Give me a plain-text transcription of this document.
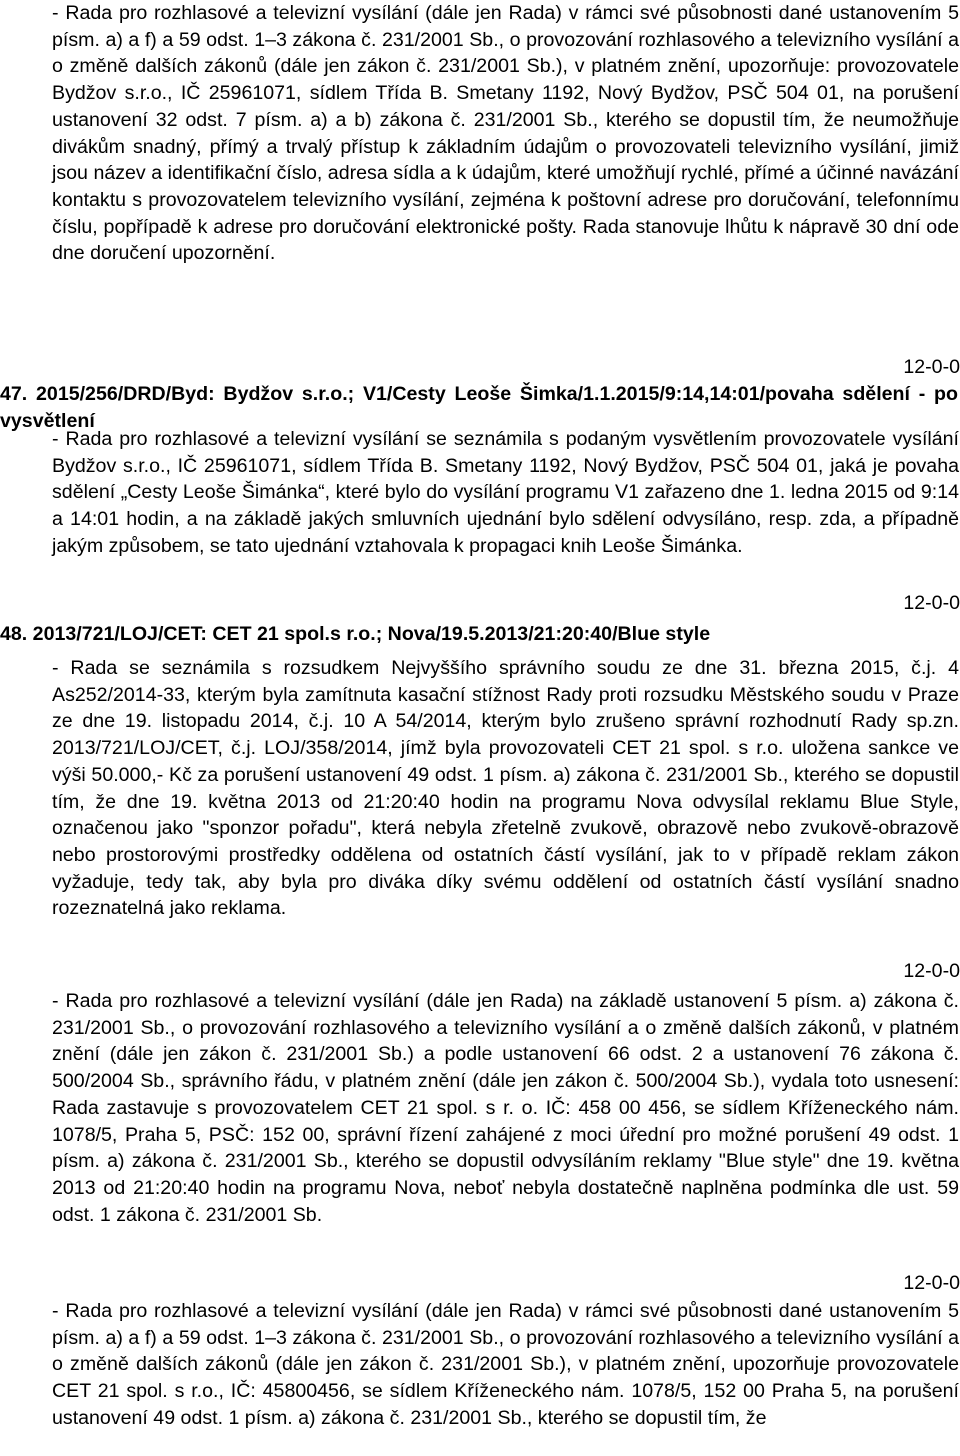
- Rada pro rozhlasové a televizní vysílání (dále jen Rada) v rámci své působnosti dané ustanovením 5 písm. a) a f) a 59 odst. 1–3 zákona č. 231/2001 Sb., o provozování rozhlasového a televizního vysílání a o změně dalších zákonů (dále jen zákon č. 231/2001 Sb.), v platném znění, upozorňuje: provozovatele Bydžov s.r.o., IČ 25961071, sídlem Třída B. Smetany 1192, Nový Bydžov, PSČ 504 01, na porušení ustanovení 32 odst. 7 písm. a) a b) zákona č. 231/2001 Sb., kterého se dopustil tím, že neumožňuje divákům snadný, přímý a trvalý přístup k základním údajům o provozovateli televizního vysílání, jimiž jsou název a identifikační číslo, adresa sídla a k údajům, které umožňují rychlé, přímé a účinné navázání kontaktu s provozovatelem televizního vysílání, zejména k poštovní adrese pro doručování, telefonnímu číslu, popřípadě k adrese pro doručování elektronické pošty. Rada stanovuje lhůtu k nápravě 30 dní ode dne doručení upozornění.

12-0-0

47. 2015/256/DRD/Byd: Bydžov s.r.o.; V1/Cesty Leoše Šimka/1.1.2015/9:14,14:01/povaha sdělení - po vysvětlení

- Rada pro rozhlasové a televizní vysílání se seznámila s podaným vysvětlením provozovatele vysílání Bydžov s.r.o., IČ 25961071, sídlem Třída B. Smetany 1192, Nový Bydžov, PSČ 504 01, jaká je povaha sdělení „Cesty Leoše Šimánka“, které bylo do vysílání programu V1 zařazeno dne 1. ledna 2015 od 9:14 a 14:01 hodin, a na základě jakých smluvních ujednání bylo sdělení odvysíláno, resp. zda, a případně jakým způsobem, se tato ujednání vztahovala k propagaci knih Leoše Šimánka.

12-0-0

48. 2013/721/LOJ/CET: CET 21 spol.s r.o.; Nova/19.5.2013/21:20:40/Blue style

- Rada se seznámila s rozsudkem Nejvyššího správního soudu ze dne 31. března 2015, č.j. 4 As252/2014-33, kterým byla zamítnuta kasační stížnost Rady proti rozsudku Městského soudu v Praze ze dne 19. listopadu 2014, č.j. 10 A 54/2014, kterým bylo zrušeno správní rozhodnutí Rady sp.zn. 2013/721/LOJ/CET, č.j. LOJ/358/2014, jímž byla provozovateli CET 21 spol. s r.o. uložena sankce ve výši 50.000,- Kč za porušení ustanovení 49 odst. 1 písm. a) zákona č. 231/2001 Sb., kterého se dopustil tím, že dne 19. května 2013 od 21:20:40 hodin na programu Nova odvysílal reklamu Blue Style, označenou jako "sponzor pořadu", která nebyla zřetelně zvukově, obrazově nebo zvukově-obrazově nebo prostorovými prostředky oddělena od ostatních částí vysílání, jak to v případě reklam zákon vyžaduje, tedy tak, aby byla pro diváka díky svému oddělení od ostatních částí vysílání snadno rozeznatelná jako reklama.

12-0-0

- Rada pro rozhlasové a televizní vysílání (dále jen Rada) na základě ustanovení 5 písm. a) zákona č. 231/2001 Sb., o provozování rozhlasového a televizního vysílání a o změně dalších zákonů, v platném znění (dále jen zákon č. 231/2001 Sb.) a podle ustanovení 66 odst. 2 a ustanovení 76 zákona č. 500/2004 Sb., správního řádu, v platném znění (dále jen zákon č. 500/2004 Sb.), vydala toto usnesení: Rada zastavuje s provozovatelem CET 21 spol. s r. o. IČ: 458 00 456, se sídlem Kříženeckého nám. 1078/5, Praha 5, PSČ: 152 00, správní řízení zahájené z moci úřední pro možné porušení 49 odst. 1 písm. a) zákona č. 231/2001 Sb., kterého se dopustil odvysíláním reklamy "Blue style" dne 19. května 2013 od 21:20:40 hodin na programu Nova, neboť nebyla dostatečně naplněna podmínka dle ust. 59 odst. 1 zákona č. 231/2001 Sb.

12-0-0

- Rada pro rozhlasové a televizní vysílání (dále jen Rada) v rámci své působnosti dané ustanovením 5 písm. a) a f) a 59 odst. 1–3 zákona č. 231/2001 Sb., o provozování rozhlasového a televizního vysílání a o změně dalších zákonů (dále jen zákon č. 231/2001 Sb.), v platném znění, upozorňuje provozovatele CET 21 spol. s r.o., IČ: 45800456, se sídlem Kříženeckého nám. 1078/5, 152 00 Praha 5, na porušení ustanovení 49 odst. 1 písm. a) zákona č. 231/2001 Sb., kterého se dopustil tím, že
